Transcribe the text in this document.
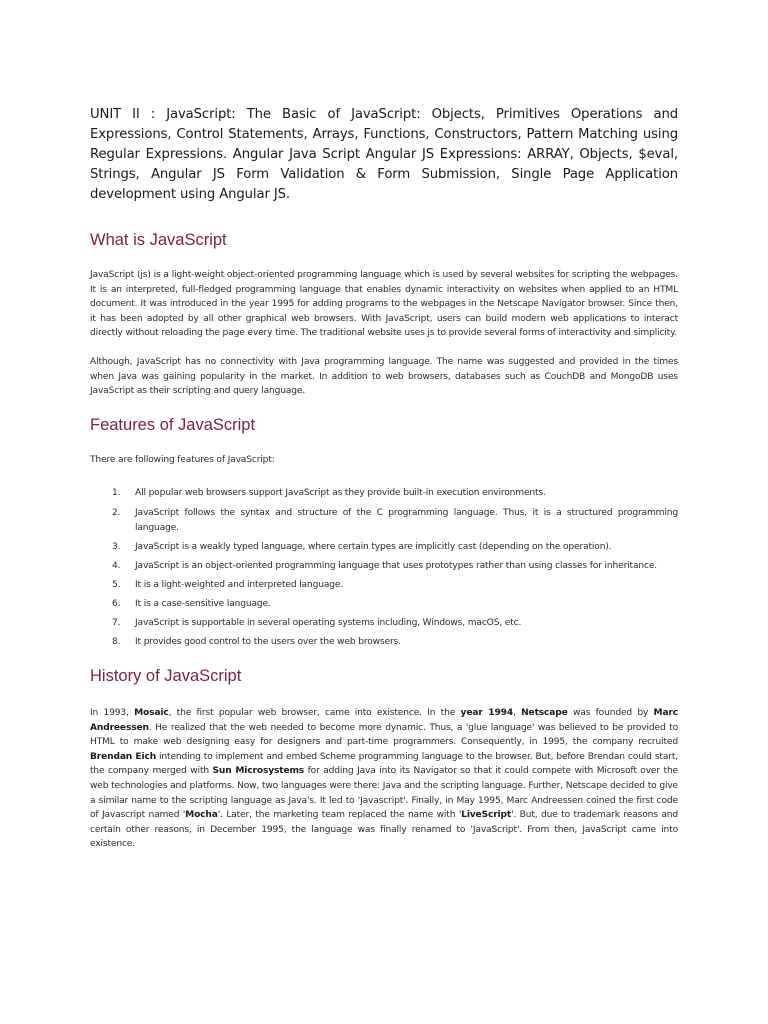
UNIT II : JavaScript: The Basic of JavaScript: Objects, Primitives Operations and Expressions, Control Statements, Arrays, Functions, Constructors, Pattern Matching using Regular Expressions. Angular Java Script Angular JS Expressions: ARRAY, Objects, $eval, Strings, Angular JS Form Validation & Form Submission, Single Page Application development using Angular JS.

What is JavaScript

JavaScript (js) is a light-weight object-oriented programming language which is used by several websites for scripting the webpages. It is an interpreted, full-fledged programming language that enables dynamic interactivity on websites when applied to an HTML document. It was introduced in the year 1995 for adding programs to the webpages in the Netscape Navigator browser. Since then, it has been adopted by all other graphical web browsers. With JavaScript, users can build modern web applications to interact directly without reloading the page every time. The traditional website uses js to provide several forms of interactivity and simplicity.

Although, JavaScript has no connectivity with Java programming language. The name was suggested and provided in the times when Java was gaining popularity in the market. In addition to web browsers, databases such as CouchDB and MongoDB uses JavaScript as their scripting and query language.

Features of JavaScript

There are following features of JavaScript:

1. All popular web browsers support JavaScript as they provide built-in execution environments.
2. JavaScript follows the syntax and structure of the C programming language. Thus, it is a structured programming language.
3. JavaScript is a weakly typed language, where certain types are implicitly cast (depending on the operation).
4. JavaScript is an object-oriented programming language that uses prototypes rather than using classes for inheritance.
5. It is a light-weighted and interpreted language.
6. It is a case-sensitive language.
7. JavaScript is supportable in several operating systems including, Windows, macOS, etc.
8. It provides good control to the users over the web browsers.
History of JavaScript

In 1993, Mosaic, the first popular web browser, came into existence. In the year 1994, Netscape was founded by Marc Andreessen. He realized that the web needed to become more dynamic. Thus, a 'glue language' was believed to be provided to HTML to make web designing easy for designers and part-time programmers. Consequently, in 1995, the company recruited Brendan Eich intending to implement and embed Scheme programming language to the browser. But, before Brendan could start, the company merged with Sun Microsystems for adding Java into its Navigator so that it could compete with Microsoft over the web technologies and platforms. Now, two languages were there: Java and the scripting language. Further, Netscape decided to give a similar name to the scripting language as Java's. It led to 'Javascript'. Finally, in May 1995, Marc Andreessen coined the first code of Javascript named 'Mocha'. Later, the marketing team replaced the name with 'LiveScript'. But, due to trademark reasons and certain other reasons, in December 1995, the language was finally renamed to 'JavaScript'. From then, JavaScript came into existence.
